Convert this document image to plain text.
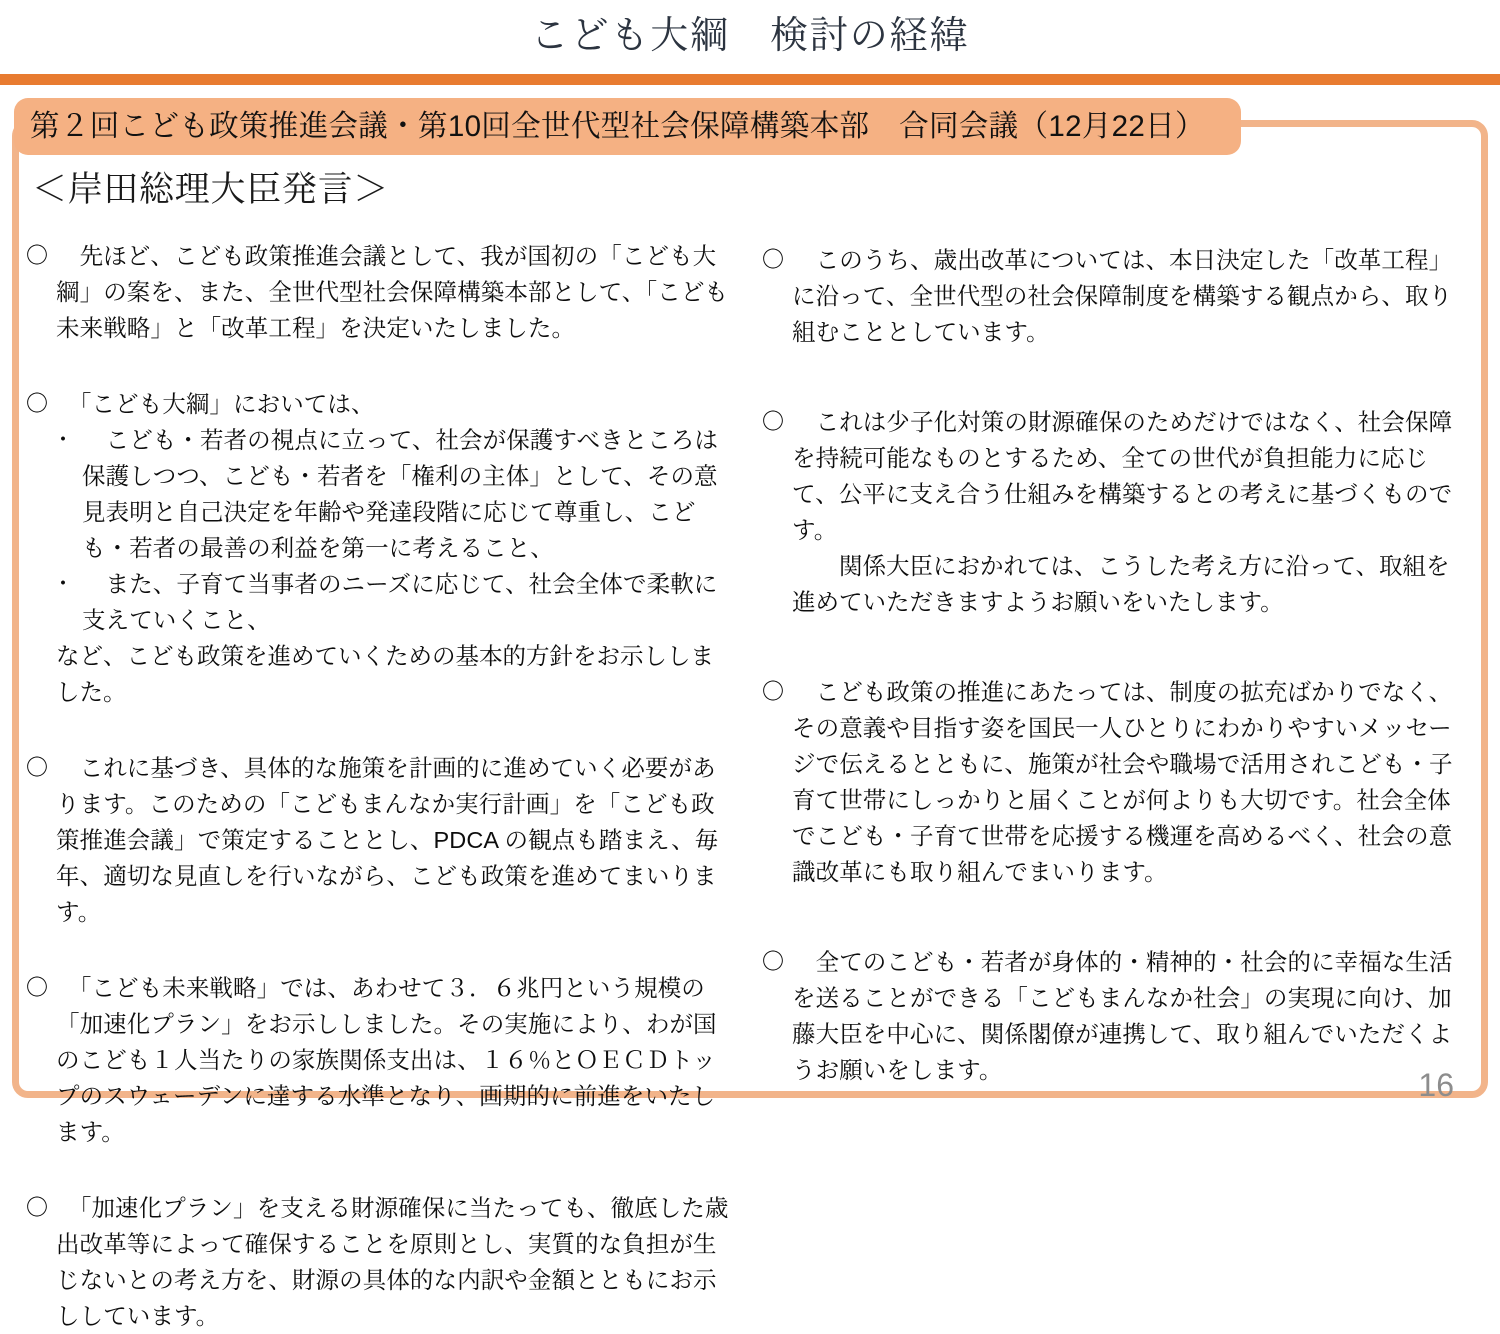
こども大綱　検討の経緯
第２回こども政策推進会議・第10回全世代型社会保障構築本部　合同会議（12月22日）
＜岸田総理大臣発言＞
〇 　先ほど、こども政策推進会議として、我が国初の「こども大綱」の案を、また、全世代型社会保障構築本部として、「こども未来戦略」と「改革工程」を決定いたしました。
〇 　「こども大綱」においては、
・ 　こども・若者の視点に立って、社会が保護すべきところは保護しつつ、こども・若者を「権利の主体」として、その意見表明と自己決定を年齢や発達段階に応じて尊重し、こども・若者の最善の利益を第一に考えること、
・ 　また、子育て当事者のニーズに応じて、社会全体で柔軟に支えていくこと、
など、こども政策を進めていくための基本的方針をお示ししました。
〇 　これに基づき、具体的な施策を計画的に進めていく必要があります。このための「こどもまんなか実行計画」を「こども政策推進会議」で策定することとし、PDCA の観点も踏まえ、毎年、適切な見直しを行いながら、こども政策を進めてまいります。
〇 　「こども未来戦略」では、あわせて３．６兆円という規模の「加速化プラン」をお示ししました。その実施により、わが国のこども１人当たりの家族関係支出は、１６％とＯＥＣＤトップのスウェーデンに達する水準となり、画期的に前進をいたします。
〇 　「加速化プラン」を支える財源確保に当たっても、徹底した歳出改革等によって確保することを原則とし、実質的な負担が生じないとの考え方を、財源の具体的な内訳や金額とともにお示ししています。
〇 　このうち、歳出改革については、本日決定した「改革工程」に沿って、全世代型の社会保障制度を構築する観点から、取り組むこととしています。
〇 　これは少子化対策の財源確保のためだけではなく、社会保障を持続可能なものとするため、全ての世代が負担能力に応じて、公平に支え合う仕組みを構築するとの考えに基づくものです。
　　関係大臣におかれては、こうした考え方に沿って、取組を進めていただきますようお願いをいたします。
〇 　こども政策の推進にあたっては、制度の拡充ばかりでなく、その意義や目指す姿を国民一人ひとりにわかりやすいメッセージで伝えるとともに、施策が社会や職場で活用されこども・子育て世帯にしっかりと届くことが何よりも大切です。社会全体でこども・子育て世帯を応援する機運を高めるべく、社会の意識改革にも取り組んでまいります。
〇 　全てのこども・若者が身体的・精神的・社会的に幸福な生活を送ることができる「こどもまんなか社会」の実現に向け、加藤大臣を中心に、関係閣僚が連携して、取り組んでいただくようお願いをします。	16
